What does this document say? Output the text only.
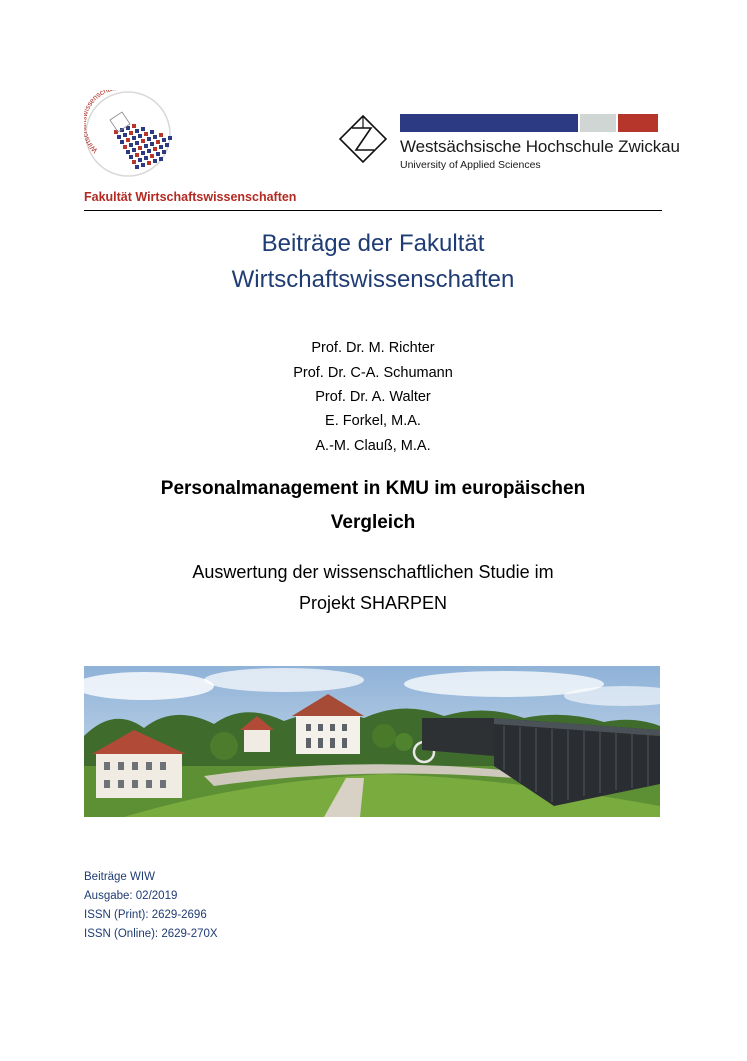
Wirt sensch
Westsächsische Hochschule Zwickau
University of Applied Sciences
Fakultät Wirtschaftswissenschaften
Beiträge der Fakultät
Wirtschaftswissenschaften
Prof. Dr. M. Richter
Prof. Dr. C-A. Schumann
Prof. Dr. A. Walter
E. Forkel, M.A.
A.-M. Clauß, M.A.
Personalmanagement in KMU im europäischen
Vergleich
Auswertung der wissenschaftlichen Studie im
Projekt SHARPEN
Beiträge WIW
Ausgabe: 02/2019
ISSN (Print): 2629-2696
ISSN (Online): 2629-270X
